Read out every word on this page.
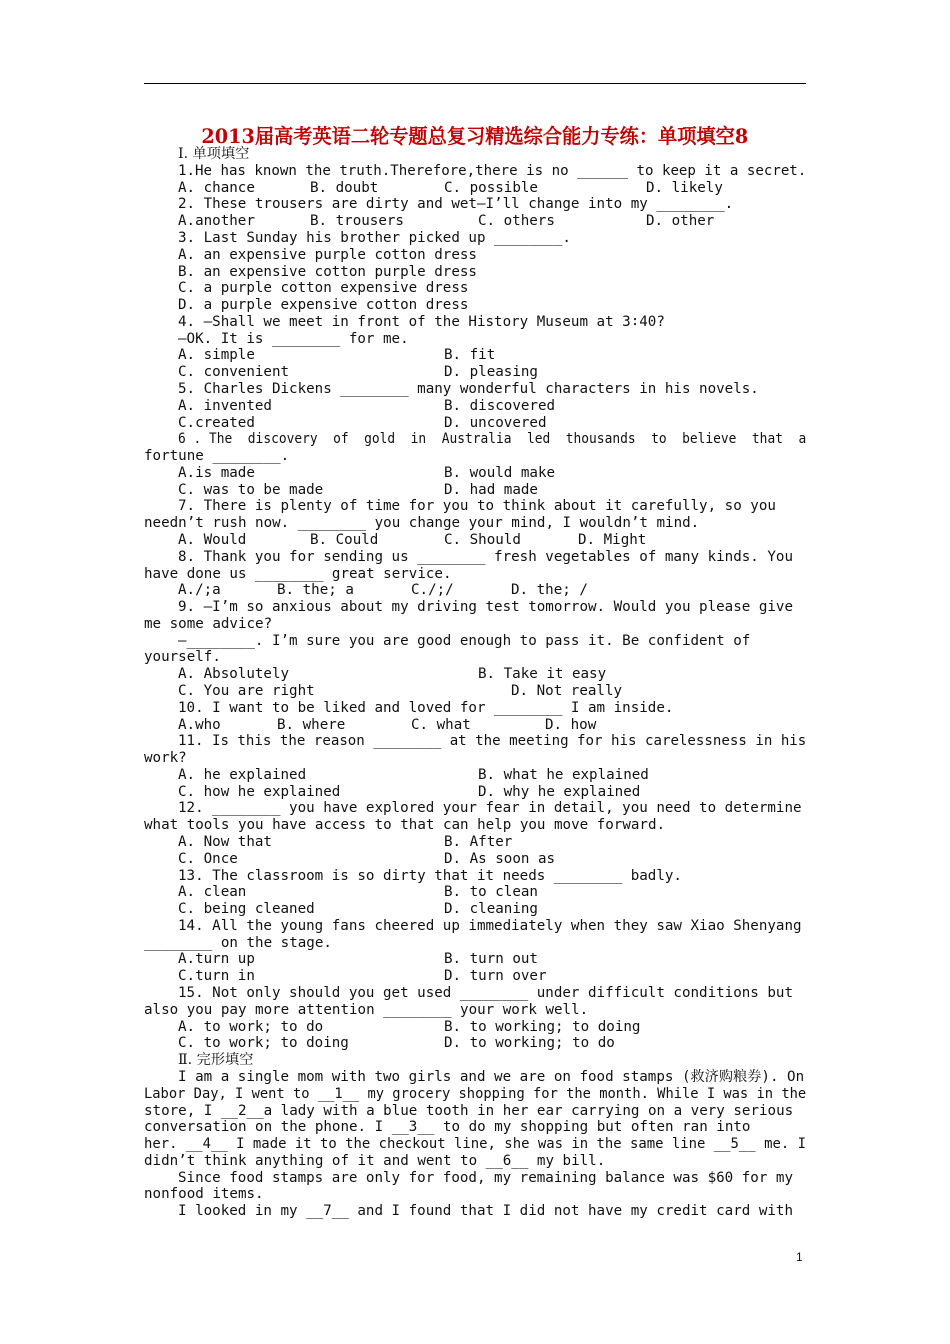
2013届高考英语二轮专题总复习精选综合能力专练：单项填空8
Ⅰ. 单项填空
1.He has known the truth.Therefore,there is no ______ to keep it a secret.
A. chance	B. doubt	C. possible	D. likely
2. These trousers are dirty and wet—I’ll change into my ________.
A.another	B. trousers	C. others	D. other
3. Last Sunday his brother picked up ________.
A. an expensive purple cotton dress
B. an expensive cotton purple dress
C. a purple cotton expensive dress
D. a purple expensive cotton dress
4. —Shall we meet in front of the History Museum at 3∶40?
—OK. It is ________ for me.
A. simple	B. fit
C. convenient	D. pleasing
5. Charles Dickens ________ many wonderful characters in his novels.
A. invented	B. discovered
C.created	D. uncovered
6 . The  discovery  of  gold  in  Australia  led  thousands  to  believe  that  a
fortune ________.
A.is made	B. would make
C. was to be made	D. had made
7. There is plenty of time for you to think about it carefully, so you
needn’t rush now. ________ you change your mind, I wouldn’t mind.
A. Would	B. Could	C. Should	D. Might
8. Thank you for sending us ________ fresh vegetables of many kinds. You
have done us ________ great service.
A./;a	B. the; a	C./;/	D. the; /
9. —I’m so anxious about my driving test tomorrow. Would you please give
me some advice?
—________. I’m sure you are good enough to pass it. Be confident of
yourself.
A. Absolutely	B. Take it easy
C. You are right	D. Not really
10. I want to be liked and loved for ________ I am inside.
A.who	B. where	C. what	D. how
11. Is this the reason ________ at the meeting for his carelessness in his
work?
A. he explained	B. what he explained
C. how he explained	D. why he explained
12. ________ you have explored your fear in detail, you need to determine
what tools you have access to that can help you move forward.
A. Now that	B. After
C. Once	D. As soon as
13. The classroom is so dirty that it needs ________ badly.
A. clean	B. to clean
C. being cleaned	D. cleaning
14. All the young fans cheered up immediately when they saw Xiao Shenyang
________ on the stage.
A.turn up	B. turn out
C.turn in	D. turn over
15. Not only should you get used ________ under difficult conditions but
also you pay more attention ________ your work well.
A. to work; to do	B. to working; to doing
C. to work; to doing	D. to working; to do
Ⅱ. 完形填空
I am a single mom with two girls and we are on food stamps (救济购粮券). On
Labor Day, I went to __1__ my grocery shopping for the month. While I was in the
store, I __2__a lady with a blue tooth in her ear carrying on a very serious
conversation on the phone. I __3__ to do my shopping but often ran into
her. __4__ I made it to the checkout line, she was in the same line __5__ me. I
didn’t think anything of it and went to __6__ my bill.
Since food stamps are only for food, my remaining balance was $60 for my
nonfood items.
I looked in my __7__ and I found that I did not have my credit card with
1
